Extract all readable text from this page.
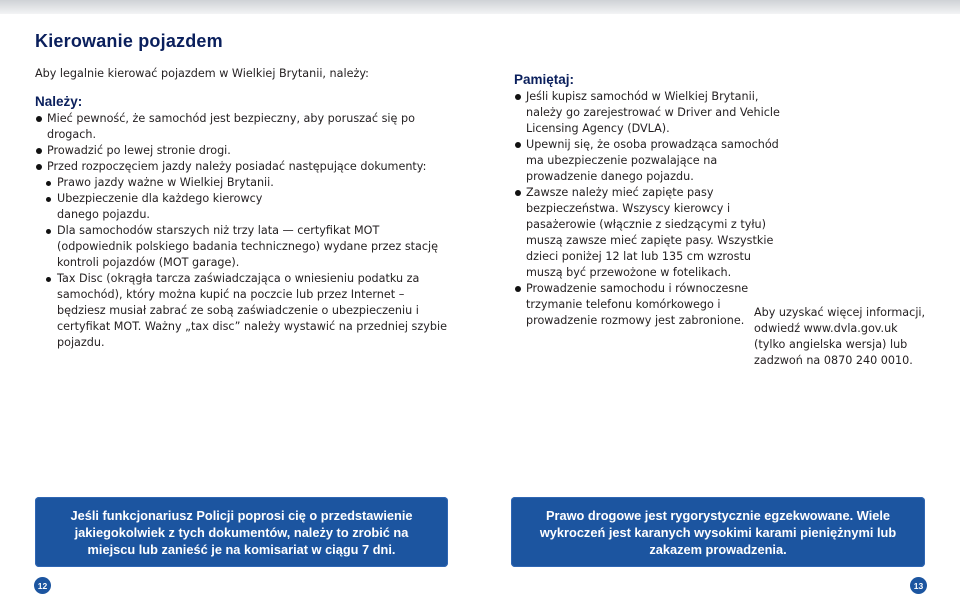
Kierowanie pojazdem
Aby legalnie kierować pojazdem w Wielkiej Brytanii, należy:
Należy:
Mieć pewność, że samochód jest bezpieczny, aby poruszać się po drogach.
Prowadzić po lewej stronie drogi.
Przed rozpoczęciem jazdy należy posiadać następujące dokumenty:
Prawo jazdy ważne w Wielkiej Brytanii.
Ubezpieczenie dla każdego kierowcy danego pojazdu.
Dla samochodów starszych niż trzy lata — certyfikat MOT (odpowiednik polskiego badania technicznego) wydane przez stację kontroli pojazdów (MOT garage).
Tax Disc (okrągła tarcza zaświadczająca o wniesieniu podatku za samochód), który można kupić na poczcie lub przez Internet – będziesz musiał zabrać ze sobą zaświadczenie o ubezpieczeniu i certyfikat MOT. Ważny „tax disc” należy wystawić na przedniej szybie pojazdu.
Pamiętaj:
Jeśli kupisz samochód w Wielkiej Brytanii, należy go zarejestrować w Driver and Vehicle Licensing Agency (DVLA).
Upewnij się, że osoba prowadząca samochód ma ubezpieczenie pozwalające na prowadzenie danego pojazdu.
Zawsze należy mieć zapięte pasy bezpieczeństwa. Wszyscy kierowcy i pasażerowie (włącznie z siedzącymi z tyłu) muszą zawsze mieć zapięte pasy. Wszystkie dzieci poniżej 12 lat lub 135 cm wzrostu muszą być przewożone w fotelikach.
Prowadzenie samochodu i równoczesne trzymanie telefonu komórkowego i prowadzenie rozmowy jest zabronione.
Aby uzyskać więcej informacji, odwiedź www.dvla.gov.uk (tylko angielska wersja) lub zadzwoń na 0870 240 0010.
Jeśli funkcjonariusz Policji poprosi cię o przedstawienie jakiegokolwiek z tych dokumentów, należy to zrobić na miejscu lub zanieść je na komisariat w ciągu 7 dni.
Prawo drogowe jest rygorystycznie egzekwowane. Wiele wykroczeń jest karanych wysokimi karami pieniężnymi lub zakazem prowadzenia.
12	13
